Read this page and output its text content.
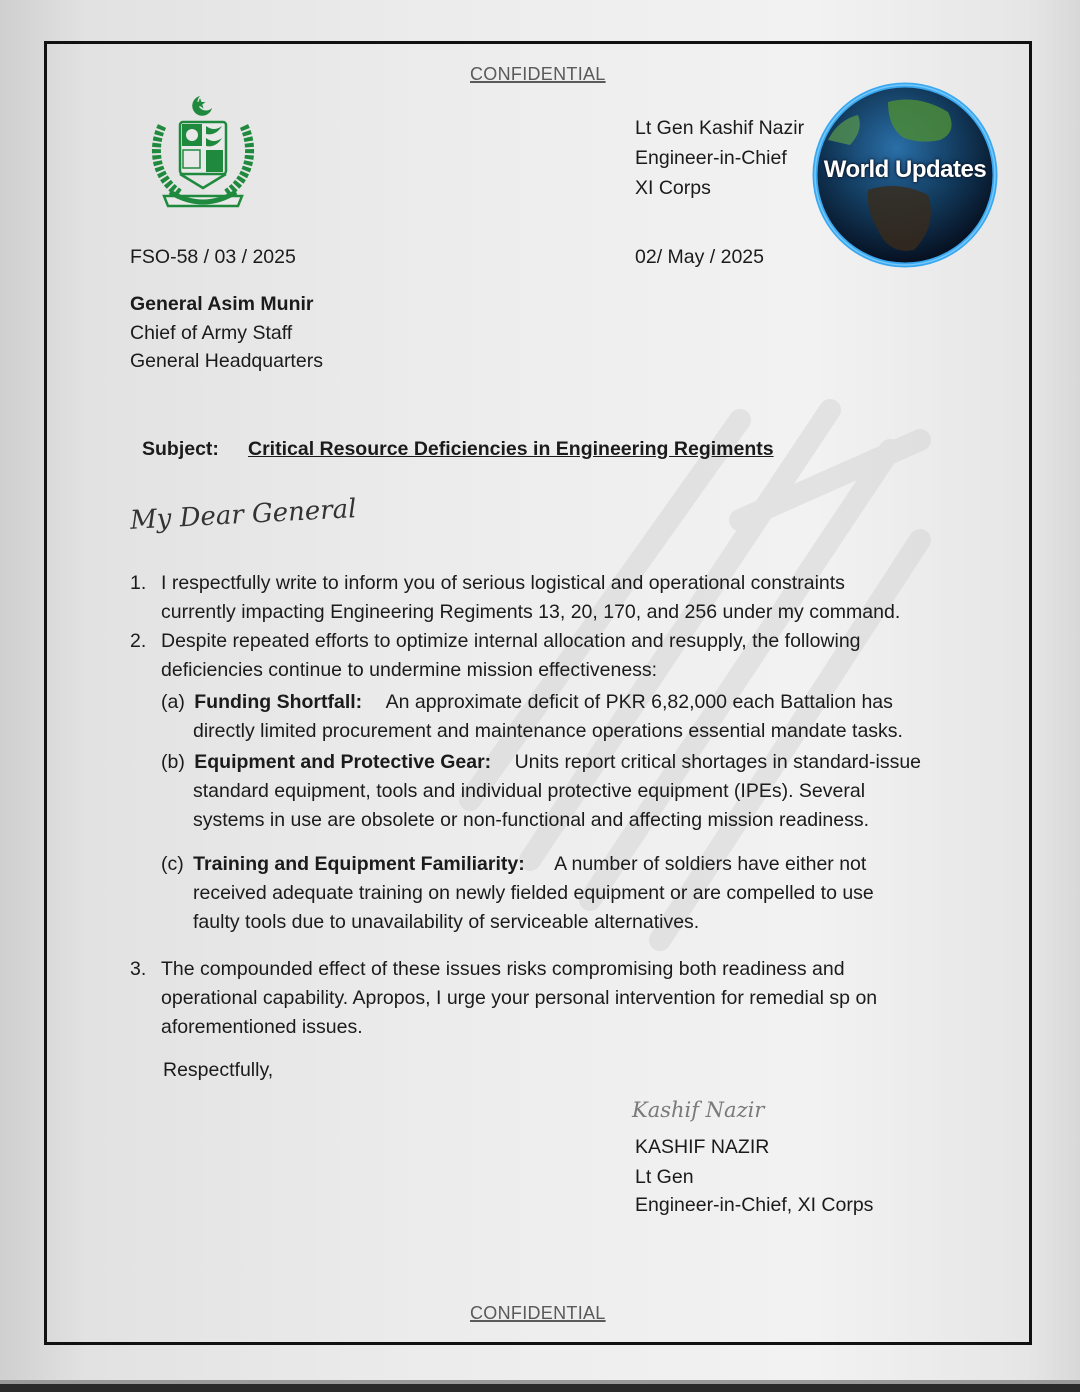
CONFIDENTIAL
Lt Gen Kashif Nazir
Engineer-in-Chief
XI Corps
World Updates
FSO-58 / 03 / 2025	02/ May / 2025
General Asim Munir
Chief of Army Staff
General Headquarters
Subject: Critical Resource Deficiencies in Engineering Regiments
My Dear General
1. I respectfully write to inform you of serious logistical and operational constraints
currently impacting Engineering Regiments 13, 20, 170, and 256 under my command.
2. Despite repeated efforts to optimize internal allocation and resupply, the following
deficiencies continue to undermine mission effectiveness:
(a) Funding Shortfall: An approximate deficit of PKR 6,82,000 each Battalion has
directly limited procurement and maintenance operations essential mandate tasks.
(b) Equipment and Protective Gear: Units report critical shortages in standard-issue
standard equipment, tools and individual protective equipment (IPEs). Several
systems in use are obsolete or non-functional and affecting mission readiness.
(c) Training and Equipment Familiarity: A number of soldiers have either not
received adequate training on newly fielded equipment or are compelled to use
faulty tools due to unavailability of serviceable alternatives.
3. The compounded effect of these issues risks compromising both readiness and
operational capability. Apropos, I urge your personal intervention for remedial sp on
aforementioned issues.
Respectfully,
Kashif Nazir
KASHIF NAZIR
Lt Gen
Engineer-in-Chief, XI Corps
CONFIDENTIAL
